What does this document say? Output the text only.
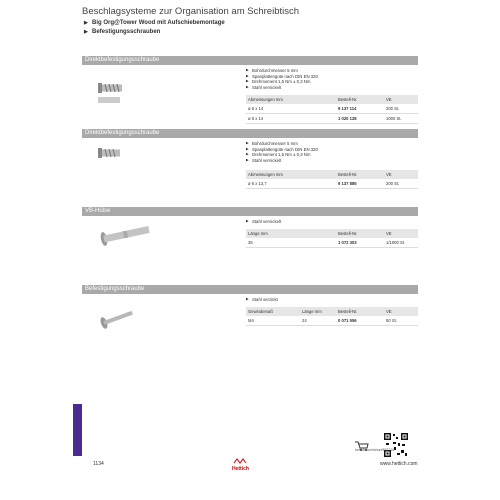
Beschlagsysteme zur Organisation am Schreibtisch
▶ Big Org@Tower Wood mit Aufschiebemontage
▶ Befestigungsschrauben
Direktbefestigungsschraube
▶ Bohrdurchmesser 5 mm
▶ Spanplattengüte nach DIN EN 320
▶ Drehmoment 1,5 Nm ± 0,3 Nm
▶ Stahl vernickelt
Abmessungen mm	Bestell-Nr.	VE
ø 6 x 14	9 137 114	200 St.
ø 6 x 14	1 020 128	1000 St.
Direktbefestigungsschraube
▶ Bohrdurchmesser 5 mm
▶ Spanplattengüte nach DIN EN 320
▶ Drehmoment 1,5 Nm ± 0,3 Nm
▶ Stahl vernickelt
Abmessungen mm	Bestell-Nr.	VE
ø 6 x 13,7	9 137 885	200 St.
VB-Hülse
▶ Stahl vernickelt
Länge mm	Bestell-Nr.	VE
35	1 072 303	1/1000 St.
Befestigungsschraube
▶ Stahl verzinkt
Gewindemaß	Länge mm	Bestell-Nr.	VE
M4	24	0 071 556	50 St.
hettich.com/short/867716
1134
Hettich
www.hettich.com
